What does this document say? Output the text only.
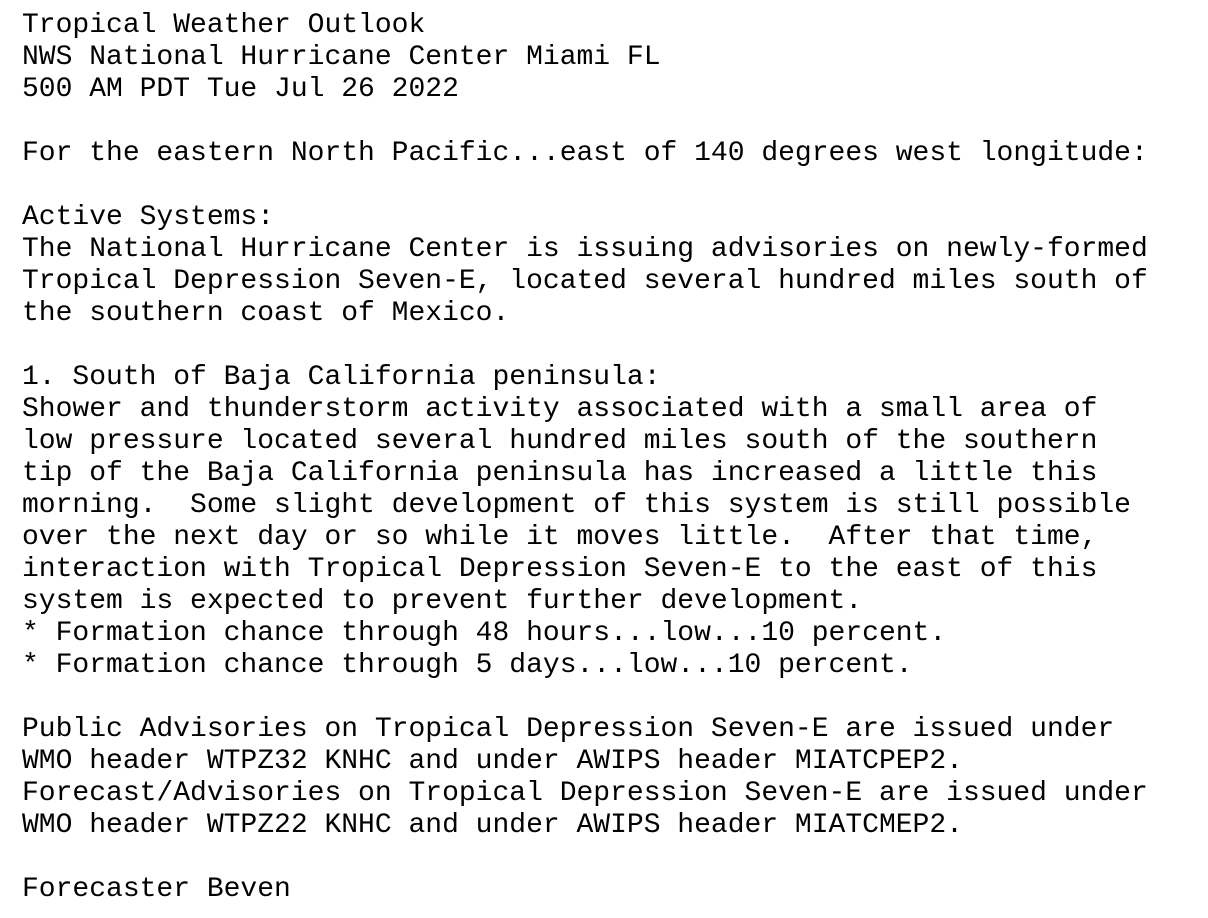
Tropical Weather Outlook
NWS National Hurricane Center Miami FL
500 AM PDT Tue Jul 26 2022
For the eastern North Pacific...east of 140 degrees west longitude:
Active Systems:
The National Hurricane Center is issuing advisories on newly-formed
Tropical Depression Seven-E, located several hundred miles south of
the southern coast of Mexico.
1. South of Baja California peninsula:
Shower and thunderstorm activity associated with a small area of
low pressure located several hundred miles south of the southern
tip of the Baja California peninsula has increased a little this
morning.  Some slight development of this system is still possible
over the next day or so while it moves little.  After that time,
interaction with Tropical Depression Seven-E to the east of this
system is expected to prevent further development.
* Formation chance through 48 hours...low...10 percent.
* Formation chance through 5 days...low...10 percent.
Public Advisories on Tropical Depression Seven-E are issued under
WMO header WTPZ32 KNHC and under AWIPS header MIATCPEP2.
Forecast/Advisories on Tropical Depression Seven-E are issued under
WMO header WTPZ22 KNHC and under AWIPS header MIATCMEP2.
Forecaster Beven
